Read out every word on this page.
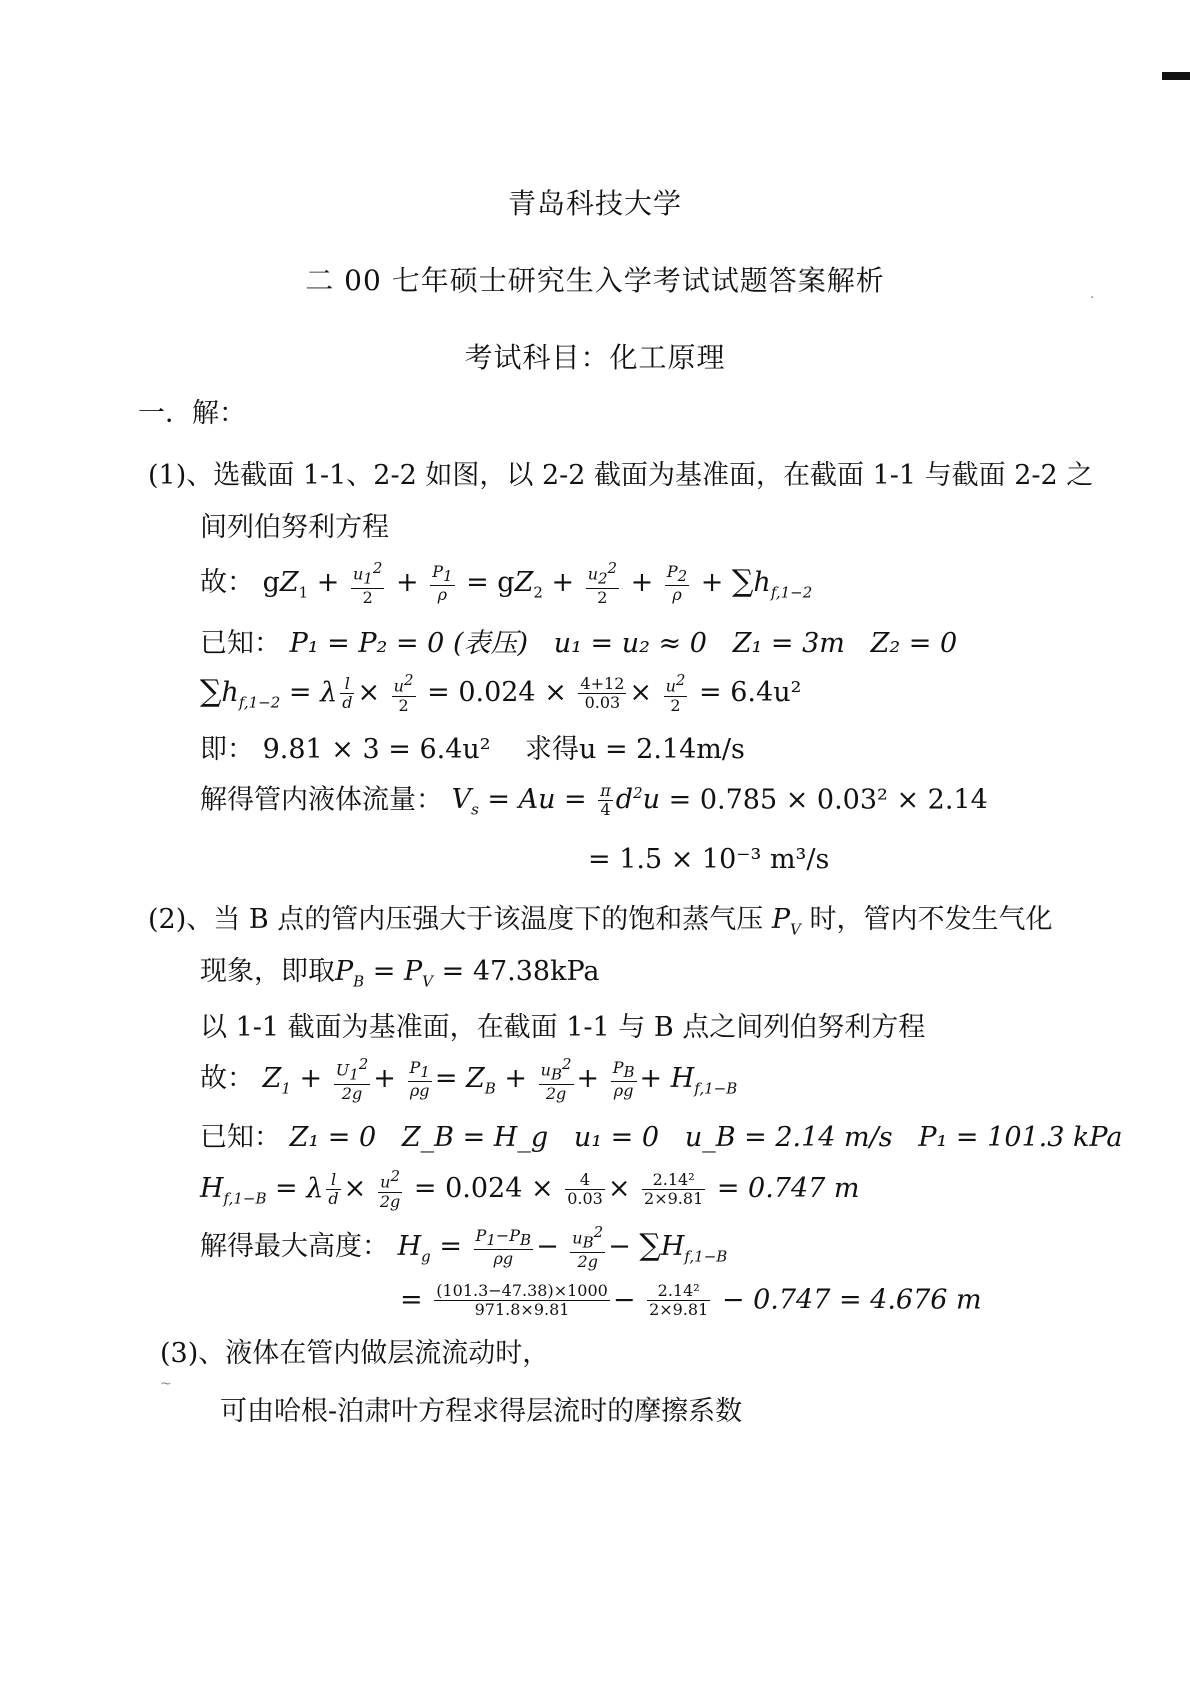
·
~
青岛科技大学
二 00 七年硕士研究生入学考试试题答案解析
考试科目：化工原理
一．解：
(1)、选截面 1-1、2-2 如图，以 2-2 截面为基准面，在截面 1-1 与截面 2-2 之
间列伯努利方程
故： $gZ_1 + \frac{u_1^2}{2} + \frac{P_1}{\rho} = gZ_2 + \frac{u_2^2}{2} + \frac{P_2}{\rho} + \sum h_{f,1-2}$
已知： P₁ = P₂ = 0 (表压) u₁ = u₂ ≈ 0 Z₁ = 3m Z₂ = 0
$\sum h_{f,1-2} = \lambda \frac{l}{d} \times \frac{u^2}{2} = 0.024 \times \frac{4+12}{0.03} \times \frac{u^2}{2} = 6.4u^2$
即： 9.81 × 3 = 6.4u² 求得u = 2.14m/s
解得管内液体流量： $V_s = Au = \frac{\pi}{4} d^2u = 0.785 \times 0.03^2 \times 2.14$
= 1.5 × 10⁻³ m³/s
(2)、当 B 点的管内压强大于该温度下的饱和蒸气压 $P_V$ 时，管内不发生气化
现象，即取$P_B = P_V = 47.38kPa$
以 1-1 截面为基准面，在截面 1-1 与 B 点之间列伯努利方程
故： $Z_1 + \frac{U_1^2}{2g} + \frac{P_1}{\rho g} = Z_B + \frac{u_B^2}{2g} + \frac{P_B}{\rho g} + H_{f,1-B}$
已知： Z₁ = 0 Z_B = H_g u₁ = 0 u_B = 2.14 m/s P₁ = 101.3 kPa
$H_{f,1-B} = \lambda \frac{l}{d} \times \frac{u^2}{2g} = 0.024 \times \frac{4}{0.03} \times \frac{\text{2.14²}}{2\times 9.81} = 0.747$ m
解得最大高度： $H_g = \frac{P_1-P_B}{\rho g} - \frac{u_B^2}{2g} - \sum H_{f,1-B}$
= $\frac{(101.3-47.38)\times 1000}{971.8\times 9.81} - \frac{\text{2.14²}}{2\times 9.81} - 0.747 = 4.676$ m
(3)、液体在管内做层流流动时，
可由哈根-泊肃叶方程求得层流时的摩擦系数
